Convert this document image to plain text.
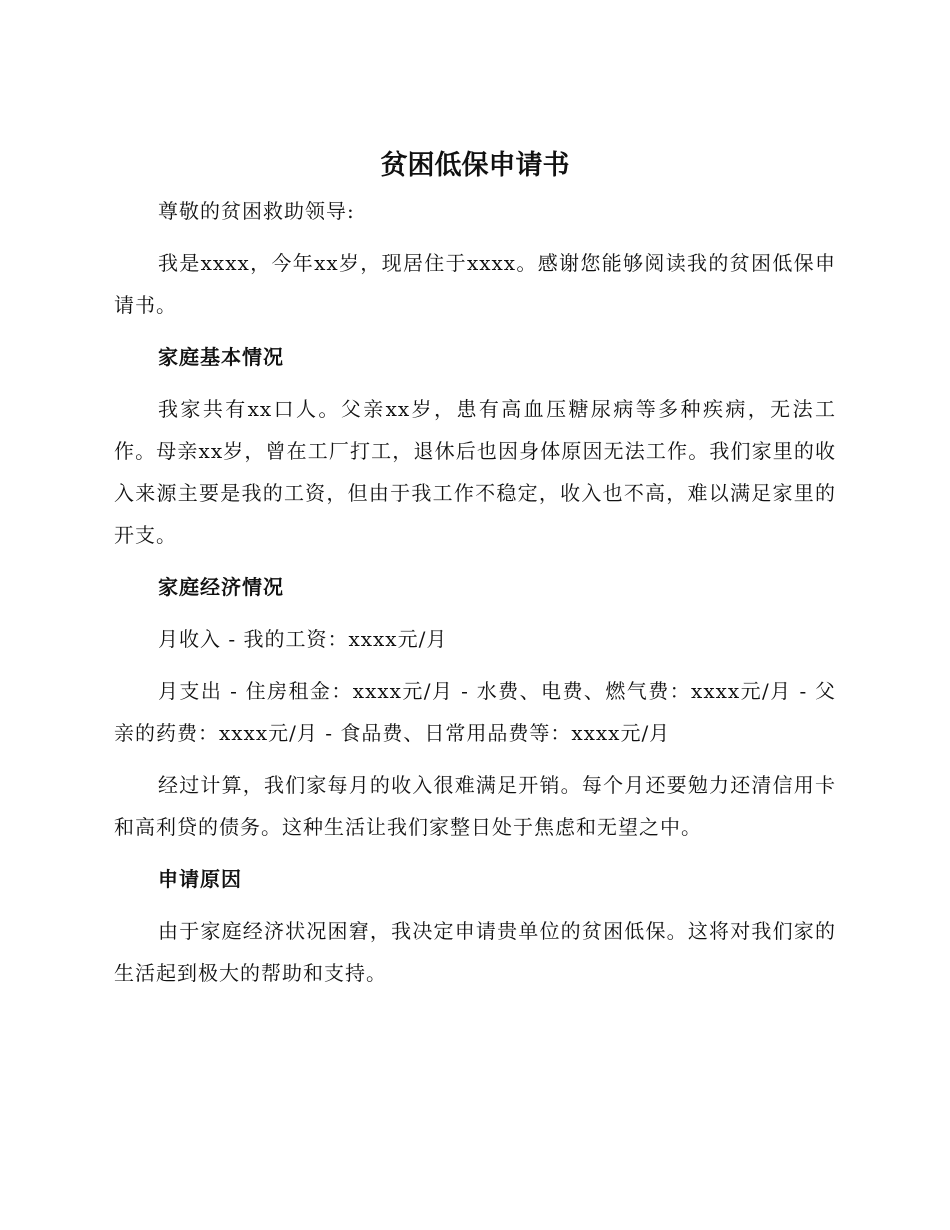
贫困低保申请书
尊敬的贫困救助领导:
我是xxxx，今年xx岁，现居住于xxxx。感谢您能够阅读我的贫困低保申请书。
家庭基本情况
我家共有xx口人。父亲xx岁，患有高血压糖尿病等多种疾病，无法工作。母亲xx岁，曾在工厂打工，退休后也因身体原因无法工作。我们家里的收入来源主要是我的工资，但由于我工作不稳定，收入也不高，难以满足家里的开支。
家庭经济情况
月收入 - 我的工资：xxxx元/月
月支出 - 住房租金：xxxx元/月 - 水费、电费、燃气费：xxxx元/月 - 父亲的药费：xxxx元/月 - 食品费、日常用品费等：xxxx元/月
经过计算，我们家每月的收入很难满足开销。每个月还要勉力还清信用卡和高利贷的债务。这种生活让我们家整日处于焦虑和无望之中。
申请原因
由于家庭经济状况困窘，我决定申请贵单位的贫困低保。这将对我们家的生活起到极大的帮助和支持。
